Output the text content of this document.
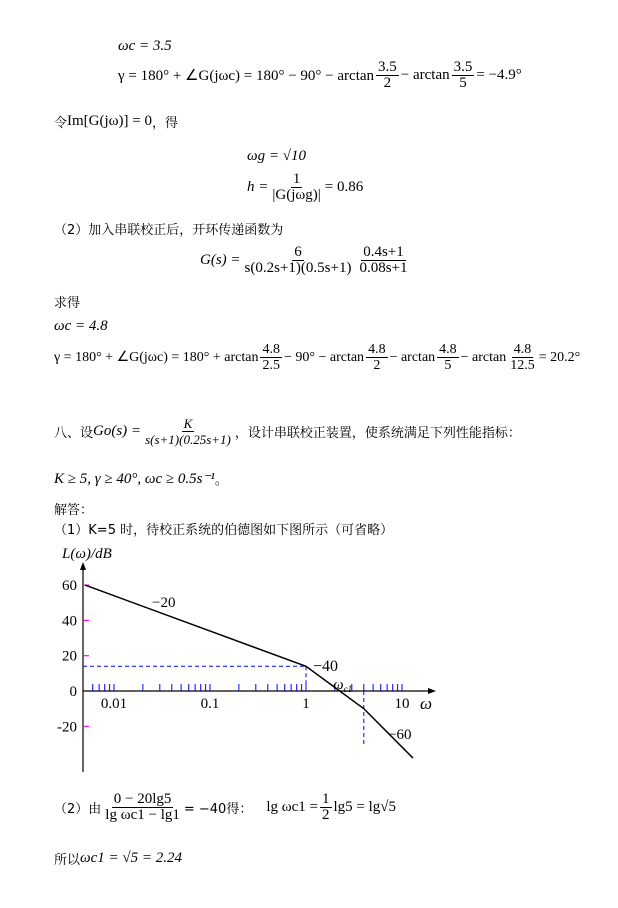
ωc = 3.5
γ = 180° + ∠G(jωc) = $180^\circ - 90^\circ - \arctan \frac{3.5}{2} - \arctan \frac{3.5}{5} = -4.9^\circ$
令 Im[G(jω)] = 0 ，得
ωg = √10
h = 1
|G(jωg)| = 0.86
（2）加入串联校正后，开环传递函数为
$G(s) = \frac{6}{s(0.2s+1)(0.5s+1)} \frac{0.4s+1}{0.08s+1}$
求得
ωc = 4.8
γ = 180° + ∠G(jωc) = $180^\circ + \arctan \frac{4.8}{2.5} - 90^\circ - \arctan \frac{4.8}{2} - \arctan \frac{4.8}{5} - \arctan \frac{4.8}{12.5} = 20.2^\circ$
八、设 $Go(s) = \frac{K}{s(s+1)(0.25s+1)}$ ，设计串联校正装置，使系统满足下列性能指标：
K ≥ 5, γ ≥ 40°, ωc ≥ 0.5s⁻¹ 。
解答：
（1）K=5 时，待校正系统的伯德图如下图所示（可省略）
0.01	0.1	1	10
60
40
20
0
-20
L(ω)/dB
ω
−20
−40
−60
$\omega_{c1}$
（2）由 $\frac{0 - 20\lg 5}{\text{lg ωc1 − lg1}} = -40$得： $\lg \omega c1 = \frac{1}{2} \lg 5 = \lg√5$
所以 ωc1 = √5 = 2.24
